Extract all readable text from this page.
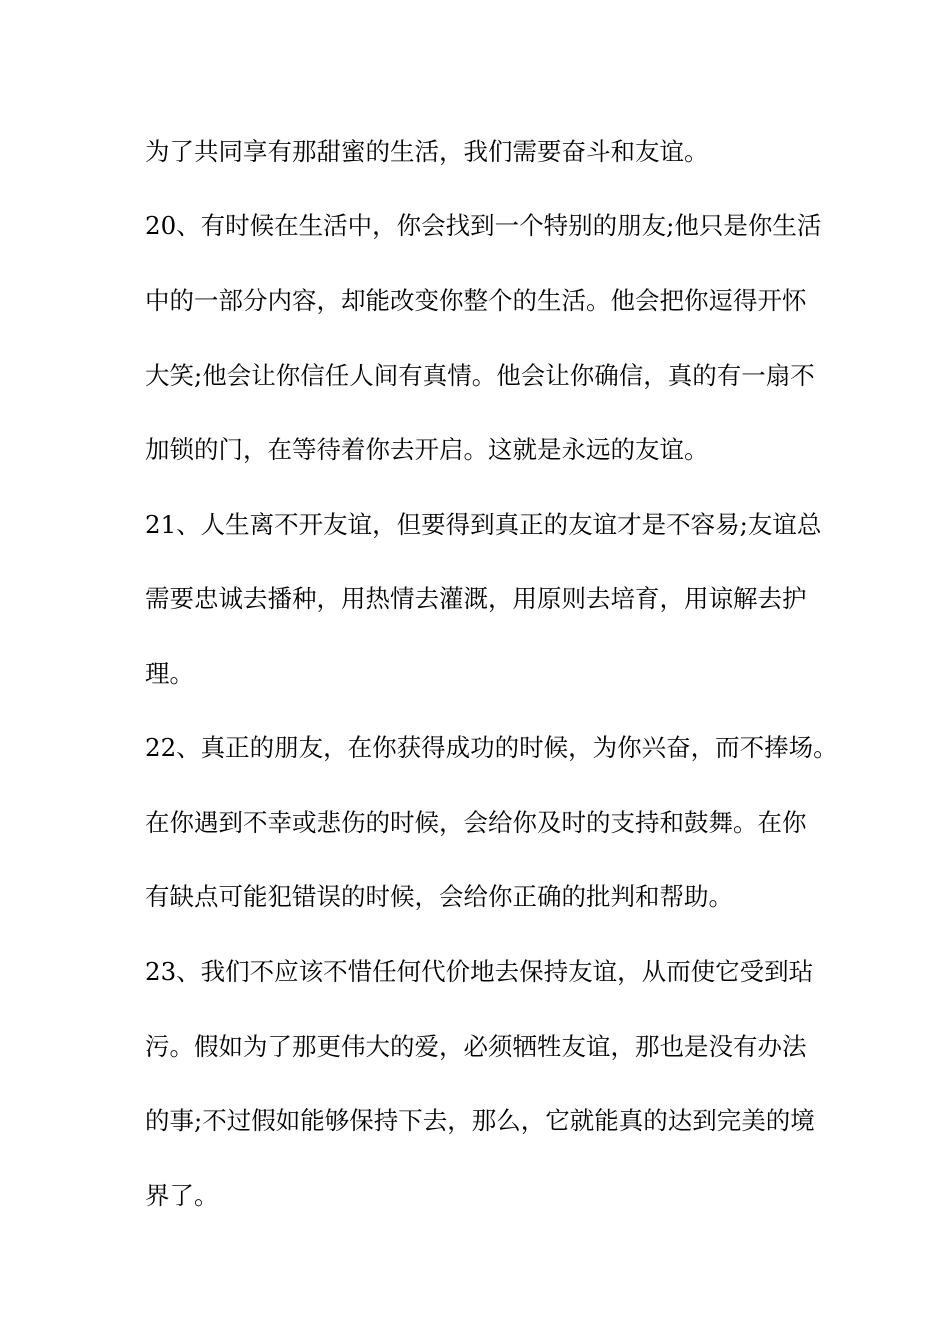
为了共同享有那甜蜜的生活，我们需要奋斗和友谊。
20、有时候在生活中，你会找到一个特别的朋友;他只是你生活
中的一部分内容，却能改变你整个的生活。他会把你逗得开怀
大笑;他会让你信任人间有真情。他会让你确信，真的有一扇不
加锁的门，在等待着你去开启。这就是永远的友谊。
21、人生离不开友谊，但要得到真正的友谊才是不容易;友谊总
需要忠诚去播种，用热情去灌溉，用原则去培育，用谅解去护
理。
22、真正的朋友，在你获得成功的时候，为你兴奋，而不捧场。
在你遇到不幸或悲伤的时候，会给你及时的支持和鼓舞。在你
有缺点可能犯错误的时候，会给你正确的批判和帮助。
23、我们不应该不惜任何代价地去保持友谊，从而使它受到玷
污。假如为了那更伟大的爱，必须牺牲友谊，那也是没有办法
的事;不过假如能够保持下去，那么，它就能真的达到完美的境
界了。
